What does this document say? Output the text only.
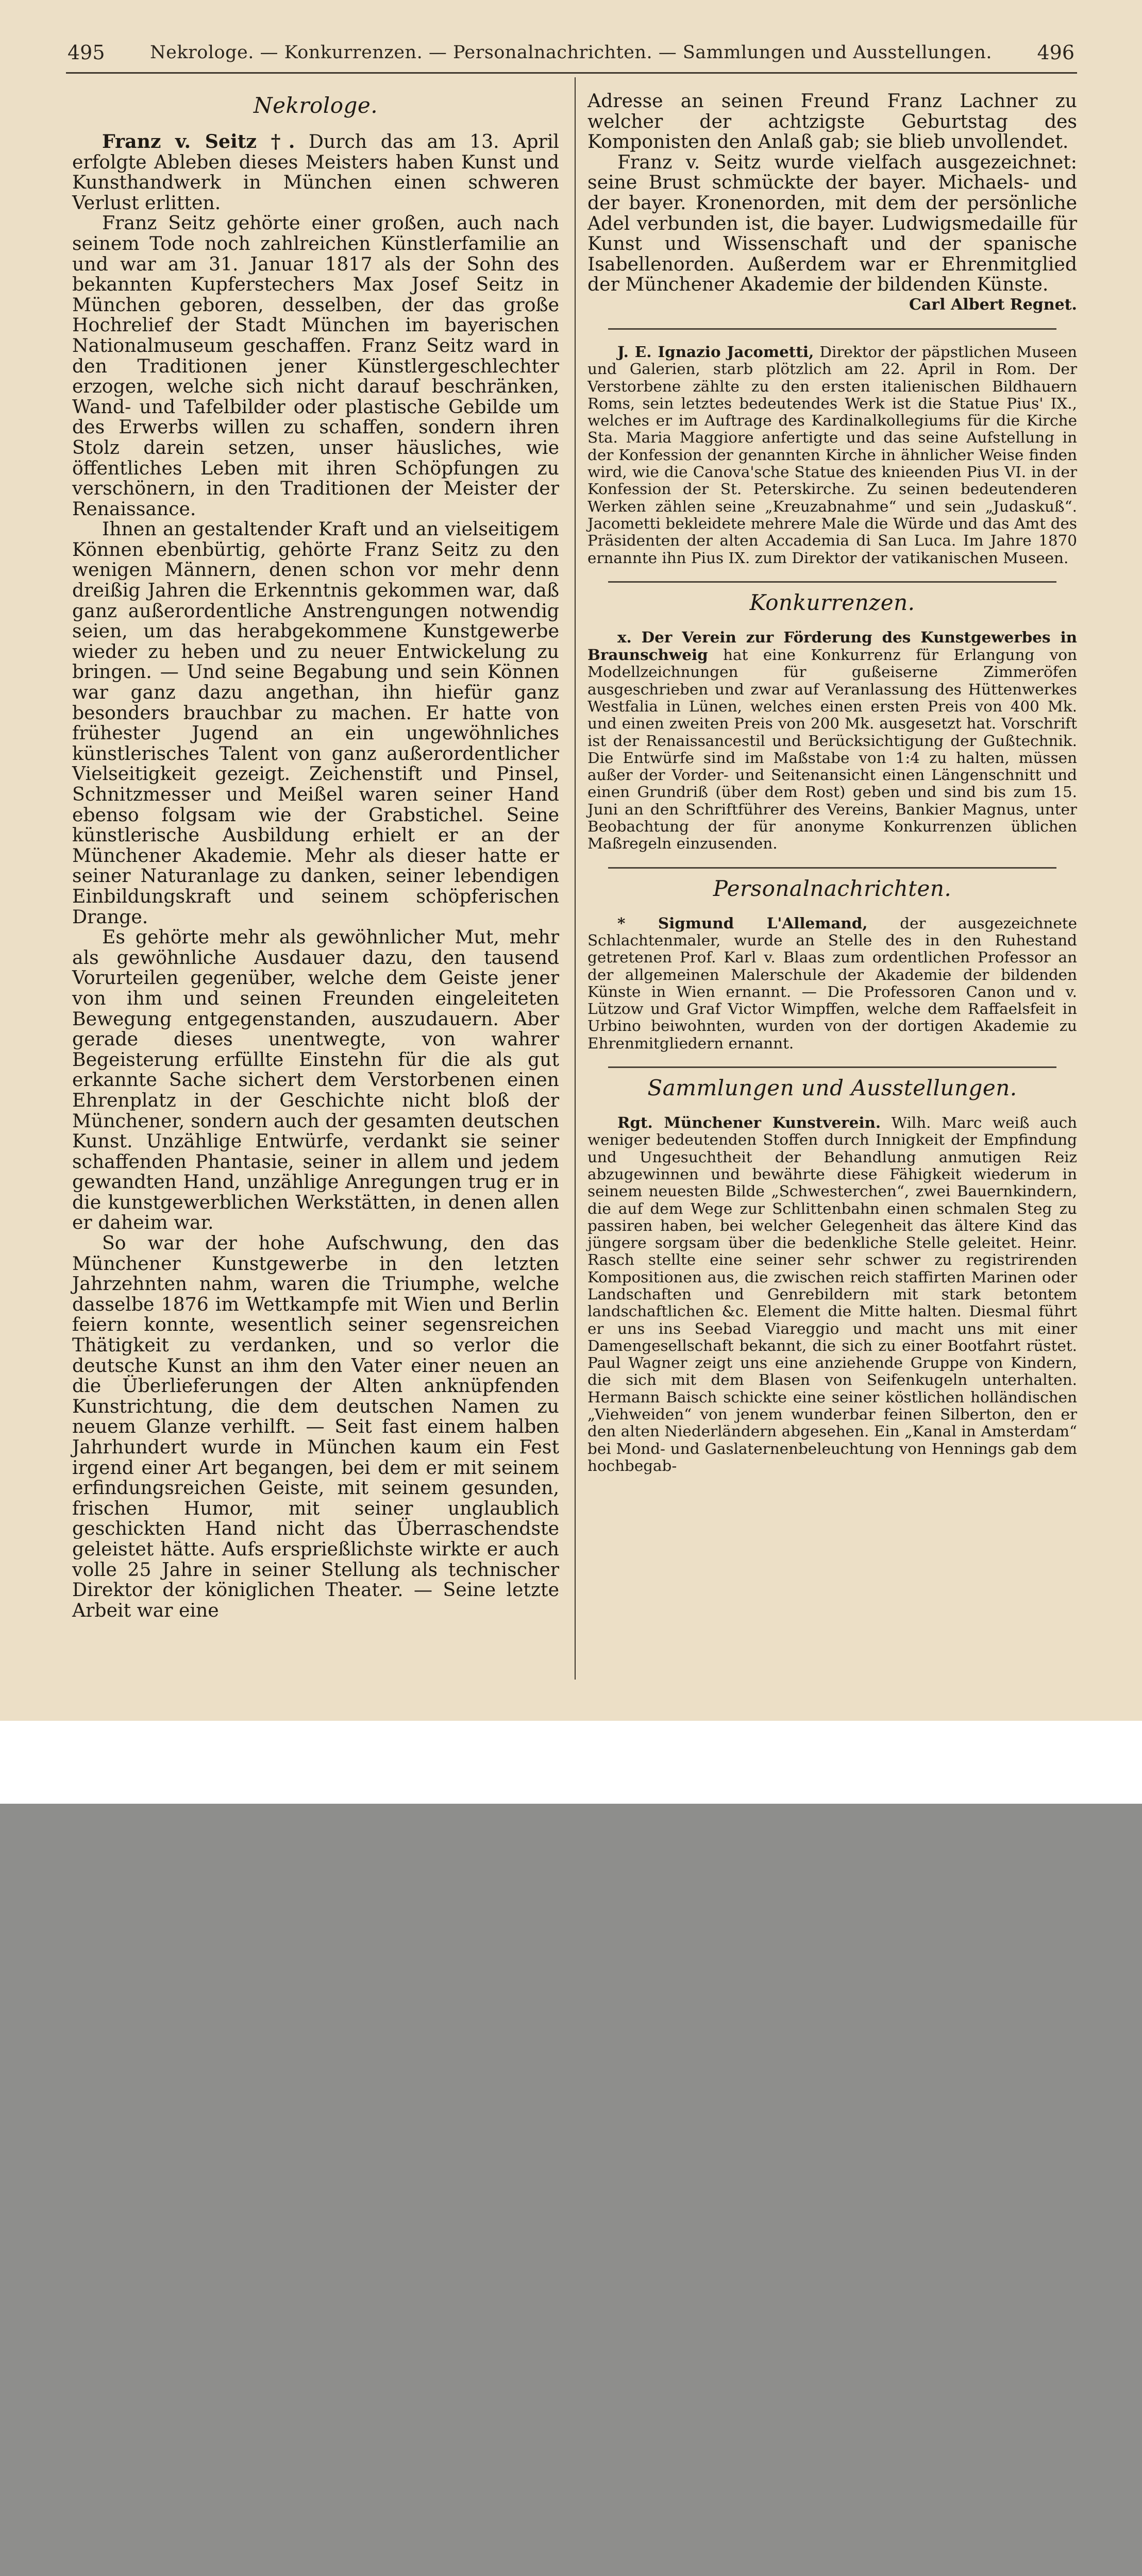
495	Nekrologe. — Konkurrenzen. — Personalnachrichten. — Sammlungen und Ausstellungen.	496
Nekrologe.

Franz v. Seitz †. Durch das am 13. April erfolgte Ableben dieses Meisters haben Kunst und Kunsthandwerk in München einen schweren Verlust erlitten.

Franz Seitz gehörte einer großen, auch nach seinem Tode noch zahlreichen Künstlerfamilie an und war am 31. Januar 1817 als der Sohn des bekannten Kupferstechers Max Josef Seitz in München geboren, desselben, der das große Hochrelief der Stadt München im bayerischen Nationalmuseum geschaffen. Franz Seitz ward in den Traditionen jener Künstlergeschlechter erzogen, welche sich nicht darauf beschränken, Wand- und Tafelbilder oder plastische Gebilde um des Erwerbs willen zu schaffen, sondern ihren Stolz darein setzen, unser häusliches, wie öffentliches Leben mit ihren Schöpfungen zu verschönern, in den Traditionen der Meister der Renaissance.

Ihnen an gestaltender Kraft und an vielseitigem Können ebenbürtig, gehörte Franz Seitz zu den wenigen Männern, denen schon vor mehr denn dreißig Jahren die Erkenntnis gekommen war, daß ganz außerordentliche Anstrengungen notwendig seien, um das herabgekommene Kunstgewerbe wieder zu heben und zu neuer Entwickelung zu bringen. — Und seine Begabung und sein Können war ganz dazu angethan, ihn hiefür ganz besonders brauchbar zu machen. Er hatte von frühester Jugend an ein ungewöhnliches künstlerisches Talent von ganz außerordentlicher Vielseitigkeit gezeigt. Zeichenstift und Pinsel, Schnitzmesser und Meißel waren seiner Hand ebenso folgsam wie der Grabstichel. Seine künstlerische Ausbildung erhielt er an der Münchener Akademie. Mehr als dieser hatte er seiner Naturanlage zu danken, seiner lebendigen Einbildungskraft und seinem schöpferischen Drange.

Es gehörte mehr als gewöhnlicher Mut, mehr als gewöhnliche Ausdauer dazu, den tausend Vorurteilen gegenüber, welche dem Geiste jener von ihm und seinen Freunden eingeleiteten Bewegung entgegenstanden, auszudauern. Aber gerade dieses unentwegte, von wahrer Begeisterung erfüllte Einstehn für die als gut erkannte Sache sichert dem Verstorbenen einen Ehrenplatz in der Geschichte nicht bloß der Münchener, sondern auch der gesamten deutschen Kunst. Unzählige Entwürfe, verdankt sie seiner schaffenden Phantasie, seiner in allem und jedem gewandten Hand, unzählige Anregungen trug er in die kunstgewerblichen Werkstätten, in denen allen er daheim war.

So war der hohe Aufschwung, den das Münchener Kunstgewerbe in den letzten Jahrzehnten nahm, waren die Triumphe, welche dasselbe 1876 im Wettkampfe mit Wien und Berlin feiern konnte, wesentlich seiner segensreichen Thätigkeit zu verdanken, und so verlor die deutsche Kunst an ihm den Vater einer neuen an die Überlieferungen der Alten anknüpfenden Kunstrichtung, die dem deutschen Namen zu neuem Glanze verhilft. — Seit fast einem halben Jahrhundert wurde in München kaum ein Fest irgend einer Art begangen, bei dem er mit seinem erfindungsreichen Geiste, mit seinem gesunden, frischen Humor, mit seiner unglaublich geschickten Hand nicht das Überraschendste geleistet hätte. Aufs ersprießlichste wirkte er auch volle 25 Jahre in seiner Stellung als technischer Direktor der königlichen Theater. — Seine letzte Arbeit war eine

Adresse an seinen Freund Franz Lachner zu welcher der achtzigste Geburtstag des Komponisten den Anlaß gab; sie blieb unvollendet.

Franz v. Seitz wurde vielfach ausgezeichnet: seine Brust schmückte der bayer. Michaels- und der bayer. Kronenorden, mit dem der persönliche Adel verbunden ist, die bayer. Ludwigsmedaille für Kunst und Wissenschaft und der spanische Isabellenorden. Außerdem war er Ehrenmitglied der Münchener Akademie der bildenden Künste.

Carl Albert Regnet.

J. E. Ignazio Jacometti, Direktor der päpstlichen Museen und Galerien, starb plötzlich am 22. April in Rom. Der Verstorbene zählte zu den ersten italienischen Bildhauern Roms, sein letztes bedeutendes Werk ist die Statue Pius' IX., welches er im Auftrage des Kardinalkollegiums für die Kirche Sta. Maria Maggiore anfertigte und das seine Aufstellung in der Konfession der genannten Kirche in ähnlicher Weise finden wird, wie die Canova'sche Statue des knieenden Pius VI. in der Konfession der St. Peterskirche. Zu seinen bedeutenderen Werken zählen seine „Kreuzabnahme“ und sein „Judaskuß“. Jacometti bekleidete mehrere Male die Würde und das Amt des Präsidenten der alten Accademia di San Luca. Im Jahre 1870 ernannte ihn Pius IX. zum Direktor der vatikanischen Museen.

Konkurrenzen.

x. Der Verein zur Förderung des Kunstgewerbes in Braunschweig hat eine Konkurrenz für Erlangung von Modellzeichnungen für gußeiserne Zimmeröfen ausgeschrieben und zwar auf Veranlassung des Hüttenwerkes Westfalia in Lünen, welches einen ersten Preis von 400 Mk. und einen zweiten Preis von 200 Mk. ausgesetzt hat. Vorschrift ist der Renaissancestil und Berücksichtigung der Gußtechnik. Die Entwürfe sind im Maßstabe von 1:4 zu halten, müssen außer der Vorder- und Seitenansicht einen Längenschnitt und einen Grundriß (über dem Rost) geben und sind bis zum 15. Juni an den Schriftführer des Vereins, Bankier Magnus, unter Beobachtung der für anonyme Konkurrenzen üblichen Maßregeln einzusenden.

Personalnachrichten.

* Sigmund L'Allemand, der ausgezeichnete Schlachtenmaler, wurde an Stelle des in den Ruhestand getretenen Prof. Karl v. Blaas zum ordentlichen Professor an der allgemeinen Malerschule der Akademie der bildenden Künste in Wien ernannt. — Die Professoren Canon und v. Lützow und Graf Victor Wimpffen, welche dem Raffaelsfeit in Urbino beiwohnten, wurden von der dortigen Akademie zu Ehrenmitgliedern ernannt.

Sammlungen und Ausstellungen.

Rgt. Münchener Kunstverein. Wilh. Marc weiß auch weniger bedeutenden Stoffen durch Innigkeit der Empfindung und Ungesuchtheit der Behandlung anmutigen Reiz abzugewinnen und bewährte diese Fähigkeit wiederum in seinem neuesten Bilde „Schwesterchen“, zwei Bauernkindern, die auf dem Wege zur Schlittenbahn einen schmalen Steg zu passiren haben, bei welcher Gelegenheit das ältere Kind das jüngere sorgsam über die bedenkliche Stelle geleitet. Heinr. Rasch stellte eine seiner sehr schwer zu registrirenden Kompositionen aus, die zwischen reich staffirten Marinen oder Landschaften und Genrebildern mit stark betontem landschaftlichen &c. Element die Mitte halten. Diesmal führt er uns ins Seebad Viareggio und macht uns mit einer Damengesellschaft bekannt, die sich zu einer Bootfahrt rüstet. Paul Wagner zeigt uns eine anziehende Gruppe von Kindern, die sich mit dem Blasen von Seifenkugeln unterhalten. Hermann Baisch schickte eine seiner köstlichen holländischen „Viehweiden“ von jenem wunderbar feinen Silberton, den er den alten Niederländern abgesehen. Ein „Kanal in Amsterdam“ bei Mond- und Gaslaternenbeleuchtung von Hennings gab dem hochbegab-
